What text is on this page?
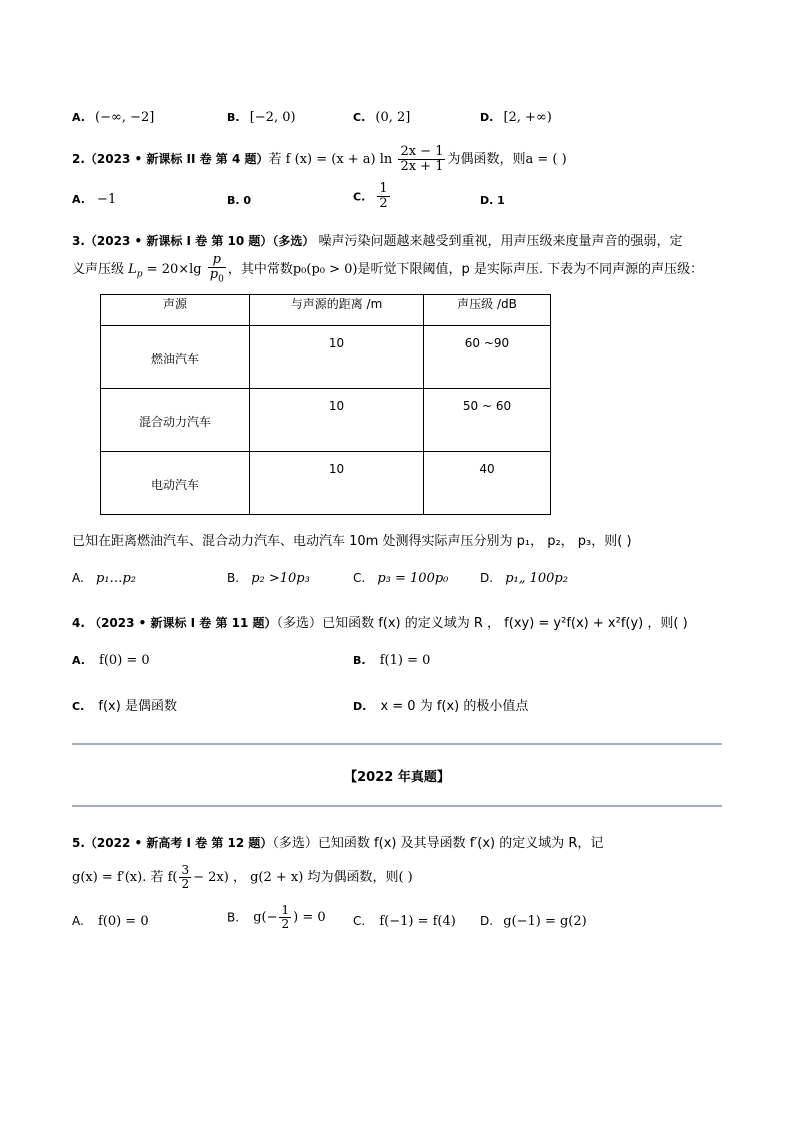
A. (−∞, −2]	B. [−2, 0)	C. (0, 2]	D. [2, +∞)
2.（2023 • 新课标 II 卷 第 4 题）若 f (x) = (x + a) $\ln \frac{2x - 1}{2x + 1}$ 为偶函数，则a = ( )
A. −1	B. 0	C. $\frac{1}{2}$	D. 1
3.（2023 • 新课标 I 卷 第 10 题）（多选） 噪声污染问题越来越受到重视，用声压级来度量声音的强弱，定
义声压级 $L_p = 20\times\lg \frac{p}{p_0}$ ，其中常数p₀(p₀ > 0)是听觉下限阈值，p 是实际声压. 下表为不同声源的声压级：
声源	与声源的距离 /m	声压级 /dB

燃油汽车	10	60 ~90

混合动力汽车	10	50 ~ 60

电动汽车	10	40
已知在距离燃油汽车、混合动力汽车、电动汽车 10m 处测得实际声压分别为 p₁， p₂， p₃，则( )
A. p₁…p₂	B. p₂ >10p₃	C. p₃ = 100p₀	D. p₁„ 100p₂
4. （2023 • 新课标 I 卷 第 11 题）（多选）已知函数 f(x) 的定义域为 R ， f(xy) = y²f(x) + x²f(y) ，则( )
A. f(0) = 0	B. f(1) = 0
C. f(x) 是偶函数	D. x = 0 为 f(x) 的极小值点
【2022 年真题】
5.（2022 • 新高考 I 卷 第 12 题）（多选）已知函数 f(x) 及其导函数 f′(x) 的定义域为 R，记
g(x) = f′(x). 若 $f( \frac{3}{2} - 2x)$ ， g(2 + x) 均为偶函数，则( )
A. f(0) = 0	B. $g(- \frac{1}{2}$ ) = 0 C. f(−1) = f(4) D. g(−1) = g(2)
